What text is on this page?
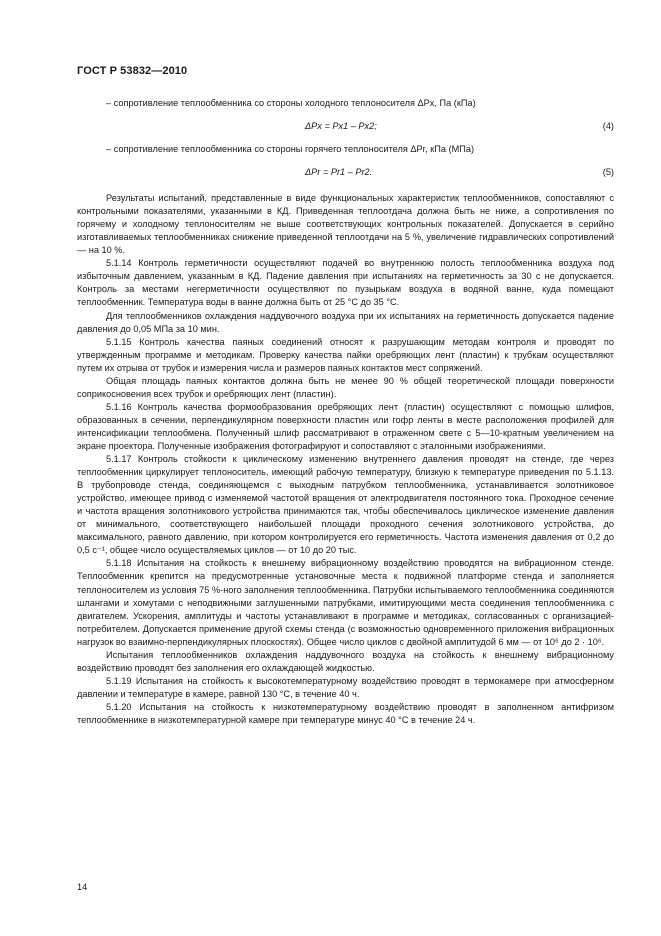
ГОСТ Р 53832—2010

– сопротивление теплообменника со стороны холодного теплоносителя ΔPx, Па (кПа)

ΔPx = Px1 – Px2;	(4)

– сопротивление теплообменника со стороны горячего теплоносителя ΔPr, кПа (МПа)

ΔPr = Pr1 – Pr2.	(5)

Результаты испытаний, представленные в виде функциональных характеристик теплообменников, сопоставляют с контрольными показателями, указанными в КД. Приведенная теплоотдача должна быть не ниже, а сопротивления по горячему и холодному теплоносителям не выше соответствующих контрольных показателей. Допускается в серийно изготавливаемых теплообменниках снижение приведенной теплоотдачи на 5 %, увеличение гидравлических сопротивлений — на 10 %.

5.1.14 Контроль герметичности осуществляют подачей во внутреннюю полость теплообменника воздуха под избыточным давлением, указанным в КД. Падение давления при испытаниях на герметичность за 30 с не допускается. Контроль за местами негерметичности осуществляют по пузырькам воздуха в водяной ванне, куда помещают теплообменник. Температура воды в ванне должна быть от 25 °С до 35 °С.

Для теплообменников охлаждения наддувочного воздуха при их испытаниях на герметичность допускается падение давления до 0,05 МПа за 10 мин.

5.1.15 Контроль качества паяных соединений относят к разрушающим методам контроля и проводят по утвержденным программе и методикам. Проверку качества пайки оребряющих лент (пластин) к трубкам осуществляют путем их отрыва от трубок и измерения числа и размеров паяных контактов мест сопряжений.

Общая площадь паяных контактов должна быть не менее 90 % общей теоретической площади поверхности соприкосновения всех трубок и оребряющих лент (пластин).

5.1.16 Контроль качества формообразования оребряющих лент (пластин) осуществляют с помощью шлифов, образованных в сечении, перпендикулярном поверхности пластин или гофр ленты в месте расположения профилей для интенсификации теплообмена. Полученный шлиф рассматривают в отраженном свете с 5—10-кратным увеличением на экране проектора. Полученные изображения фотографируют и сопоставляют с эталонными изображениями.

5.1.17 Контроль стойкости к циклическому изменению внутреннего давления проводят на стенде, где через теплообменник циркулирует теплоноситель, имеющий рабочую температуру, близкую к температуре приведения по 5.1.13. В трубопроводе стенда, соединяющемся с выходным патрубком теплообменника, устанавливается золотниковое устройство, имеющее привод с изменяемой частотой вращения от электродвигателя постоянного тока. Проходное сечение и частота вращения золотникового устройства принимаются так, чтобы обеспечивалось циклическое изменение давления от минимального, соответствующего наибольшей площади проходного сечения золотникового устройства, до максимального, равного давлению, при котором контролируется его герметичность. Частота изменения давления от 0,2 до 0,5 с⁻¹, общее число осуществляемых циклов — от 10 до 20 тыс.

5.1.18 Испытания на стойкость к внешнему вибрационному воздействию проводятся на вибрационном стенде. Теплообменник крепится на предусмотренные установочные места к подвижной платформе стенда и заполняется теплоносителем из условия 75 %-ного заполнения теплообменника. Патрубки испытываемого теплообменника соединяются шлангами и хомутами с неподвижными заглушенными патрубками, имитирующими места соединения теплообменника с двигателем. Ускорения, амплитуды и частоты устанавливают в программе и методиках, согласованных с организацией-потребителем. Допускается применение другой схемы стенда (с возможностью одновременного приложения вибрационных нагрузок во взаимно-перпендикулярных плоскостях). Общее число циклов с двойной амплитудой 6 мм — от 10⁶ до 2 · 10⁶.

Испытания теплообменников охлаждения наддувочного воздуха на стойкость к внешнему вибрационному воздействию проводят без заполнения его охлаждающей жидкостью.

5.1.19 Испытания на стойкость к высокотемпературному воздействию проводят в термокамере при атмосферном давлении и температуре в камере, равной 130 °С, в течение 40 ч.

5.1.20 Испытания на стойкость к низкотемпературному воздействию проводят в заполненном антифризом теплообменнике в низкотемпературной камере при температуре минус 40 °С в течение 24 ч.

14
